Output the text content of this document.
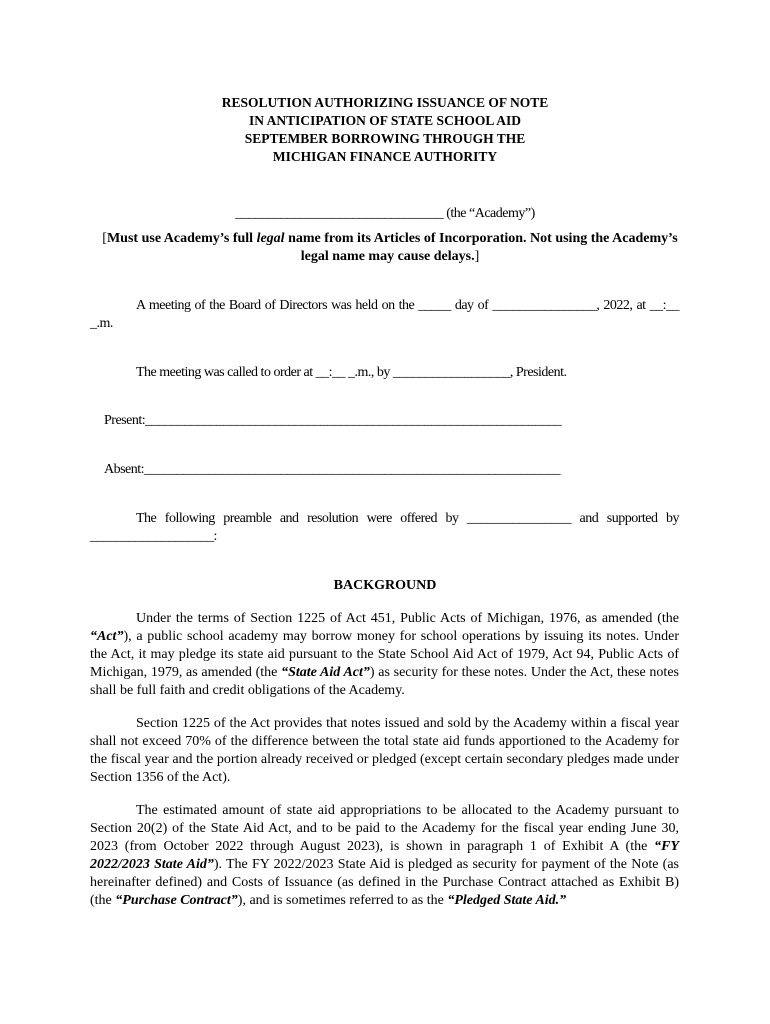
RESOLUTION AUTHORIZING ISSUANCE OF NOTE
IN ANTICIPATION OF STATE SCHOOL AID
SEPTEMBER BORROWING THROUGH THE
MICHIGAN FINANCE AUTHORITY
________________________________ (the “Academy”)
[Must use Academy’s full legal name from its Articles of Incorporation. Not using the Academy’s legal name may cause delays.]
A meeting of the Board of Directors was held on the _____ day of ________________, 2022, at __:__ _.m.
The meeting was called to order at __:__ _.m., by __________________, President.
Present:________________________________________________________________
Absent:________________________________________________________________
The following preamble and resolution were offered by ________________ and supported by ___________________:
BACKGROUND
Under the terms of Section 1225 of Act 451, Public Acts of Michigan, 1976, as amended (the “Act”), a public school academy may borrow money for school operations by issuing its notes. Under the Act, it may pledge its state aid pursuant to the State School Aid Act of 1979, Act 94, Public Acts of Michigan, 1979, as amended (the “State Aid Act”) as security for these notes. Under the Act, these notes shall be full faith and credit obligations of the Academy.
Section 1225 of the Act provides that notes issued and sold by the Academy within a fiscal year shall not exceed 70% of the difference between the total state aid funds apportioned to the Academy for the fiscal year and the portion already received or pledged (except certain secondary pledges made under Section 1356 of the Act).
The estimated amount of state aid appropriations to be allocated to the Academy pursuant to Section 20(2) of the State Aid Act, and to be paid to the Academy for the fiscal year ending June 30, 2023 (from October 2022 through August 2023), is shown in paragraph 1 of Exhibit A (the “FY 2022/2023 State Aid”). The FY 2022/2023 State Aid is pledged as security for payment of the Note (as hereinafter defined) and Costs of Issuance (as defined in the Purchase Contract attached as Exhibit B) (the “Purchase Contract”), and is sometimes referred to as the “Pledged State Aid.”
